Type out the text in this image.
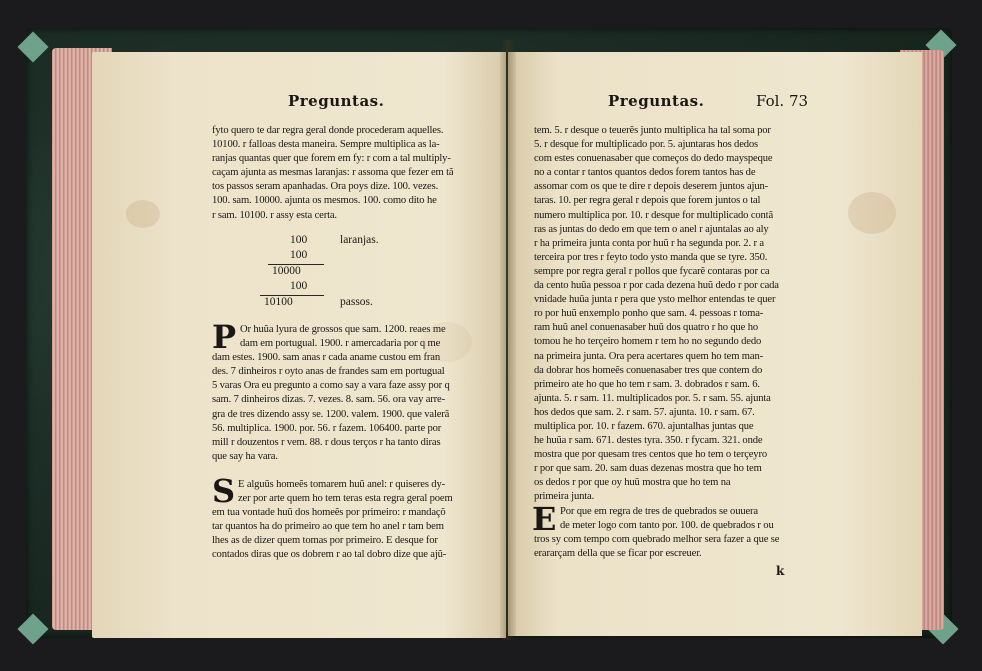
Preguntas.
fyto quero te dar regra geral donde procederam aquelles.
10100. r falloas desta maneira. Sempre multiplica as la-
ranjas quantas quer que forem em fy: r com a tal multiply-
caçam ajunta as mesmas laranjas: r assoma que fezer em tã
tos passos seram apanhadas. Ora poys dize. 100. vezes.
100. sam. 10000. ajunta os mesmos. 100. como dito he
r sam. 10100. r assy esta certa.
100	laranjas.
100
10000
100
10100	passos.
P Or huũa lyura de grossos que sam. 1200. reaes me
dam em portugual. 1900. r amercadaria por q me
dam estes. 1900. sam anas r cada aname custou em fran
des. 7 dinheiros r oyto anas de frandes sam em portugual
5 varas Ora eu pregunto a como say a vara faze assy por q
sam. 7 dinheiros dizas. 7. vezes. 8. sam. 56. ora vay arre-
gra de tres dizendo assy se. 1200. valem. 1900. que valerã
56. multiplica. 1900. por. 56. r fazem. 106400. parte por
mill r douzentos r vem. 88. r dous terços r ha tanto diras
que say ha vara.
S E alguũs homeẽs tomarem huũ anel: r quiseres dy-
zer por arte quem ho tem teras esta regra geral poem
em tua vontade huũ dos homeẽs por primeiro: r mandaçõ
tar quantos ha do primeiro ao que tem ho anel r tam bem
lhes as de dizer quem tomas por primeiro. E desque for
contados diras que os dobrem r ao tal dobro dize que ajũ-
Preguntas.	Fol. 73
tem. 5. r desque o teuerẽs junto multiplica ha tal soma por
5. r desque for multiplicado por. 5. ajuntaras hos dedos
com estes conuenasaber que começos do dedo mayspeque
no a contar r tantos quantos dedos forem tantos has de
assomar com os que te dire r depois deserem juntos ajun-
taras. 10. per regra geral r depois que forem juntos o tal
numero multiplica por. 10. r desque for multiplicado contã
ras as juntas do dedo em que tem o anel r ajuntalas ao aly
r ha primeira junta conta por huũ r ha segunda por. 2. r a
terceira por tres r feyto todo ysto manda que se tyre. 350.
sempre por regra geral r pollos que fycarẽ contaras por ca
da cento huũa pessoa r por cada dezena huũ dedo r por cada
vnidade huũa junta r pera que ysto melhor entendas te quer
ro por huũ enxemplo ponho que sam. 4. pessoas r toma-
ram huũ anel conuenasaber huũ dos quatro r ho que ho
tomou he ho terçeiro homem r tem ho no segundo dedo
na primeira junta. Ora pera acertares quem ho tem man-
da dobrar hos homeẽs conuenasaber tres que contem do
primeiro ate ho que ho tem r sam. 3. dobrados r sam. 6.
ajunta. 5. r sam. 11. multiplicados por. 5. r sam. 55. ajunta
hos dedos que sam. 2. r sam. 57. ajunta. 10. r sam. 67.
multiplica por. 10. r fazem. 670. ajuntalhas juntas que
he huũa r sam. 671. destes tyra. 350. r fycam. 321. onde
mostra que por quesam tres centos que ho tem o terçeyro
r por que sam. 20. sam duas dezenas mostra que ho tem
os dedos r por que oy huũ mostra que ho tem na
primeira junta.
E Por que em regra de tres de quebrados se ouuera
de meter logo com tanto por. 100. de quebrados r ou
tros sy com tempo com quebrado melhor sera fazer a que se
erararçam della que se ficar por escreuer.
k
